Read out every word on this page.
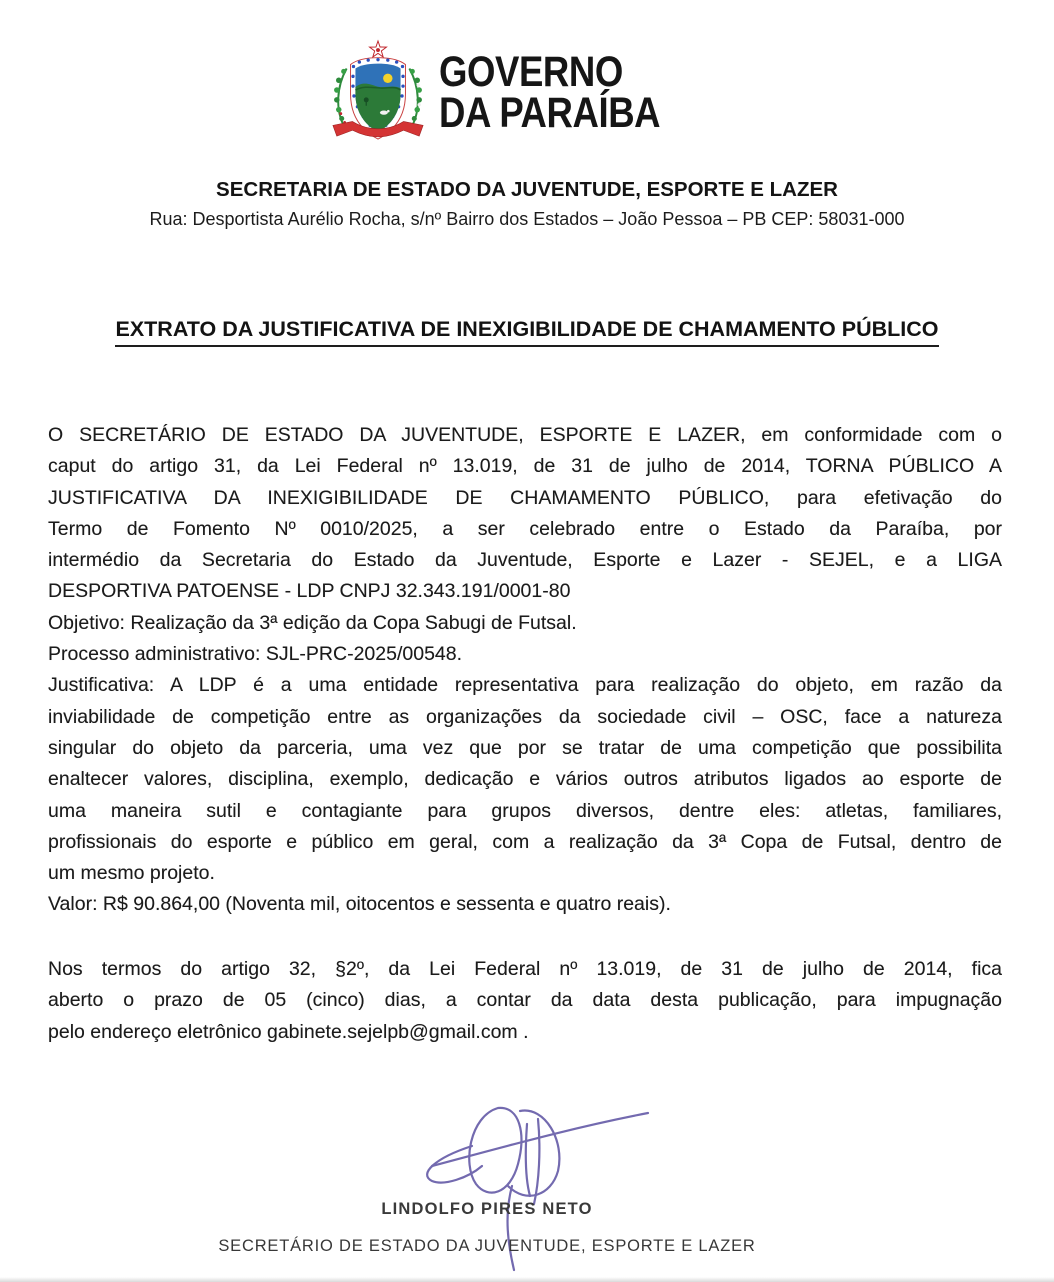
GOVERNO
DA PARAÍBA
SECRETARIA DE ESTADO DA JUVENTUDE, ESPORTE E LAZER
Rua: Desportista Aurélio Rocha, s/nº Bairro dos Estados – João Pessoa – PB CEP: 58031-000
EXTRATO DA JUSTIFICATIVA DE INEXIGIBILIDADE DE CHAMAMENTO PÚBLICO
O SECRETÁRIO DE ESTADO DA JUVENTUDE, ESPORTE E LAZER, em conformidade com o
caput do artigo 31, da Lei Federal nº 13.019, de 31 de julho de 2014, TORNA PÚBLICO A
JUSTIFICATIVA DA INEXIGIBILIDADE DE CHAMAMENTO PÚBLICO, para efetivação do
Termo de Fomento Nº 0010/2025, a ser celebrado entre o Estado da Paraíba, por
intermédio da Secretaria do Estado da Juventude, Esporte e Lazer - SEJEL, e a LIGA
DESPORTIVA PATOENSE - LDP CNPJ 32.343.191/0001-80
Objetivo: Realização da 3ª edição da Copa Sabugi de Futsal.
Processo administrativo: SJL-PRC-2025/00548.
Justificativa: A LDP é a uma entidade representativa para realização do objeto, em razão da
inviabilidade de competição entre as organizações da sociedade civil – OSC, face a natureza
singular do objeto da parceria, uma vez que por se tratar de uma competição que possibilita
enaltecer valores, disciplina, exemplo, dedicação e vários outros atributos ligados ao esporte de
uma maneira sutil e contagiante para grupos diversos, dentre eles: atletas, familiares,
profissionais do esporte e público em geral, com a realização da 3ª Copa de Futsal, dentro de
um mesmo projeto.
Valor: R$ 90.864,00 (Noventa mil, oitocentos e sessenta e quatro reais).
Nos termos do artigo 32, §2º, da Lei Federal nº 13.019, de 31 de julho de 2014, fica
aberto o prazo de 05 (cinco) dias, a contar da data desta publicação, para impugnação
pelo endereço eletrônico gabinete.sejelpb@gmail.com .
LINDOLFO PIRES NETO
SECRETÁRIO DE ESTADO DA JUVENTUDE, ESPORTE E LAZER
